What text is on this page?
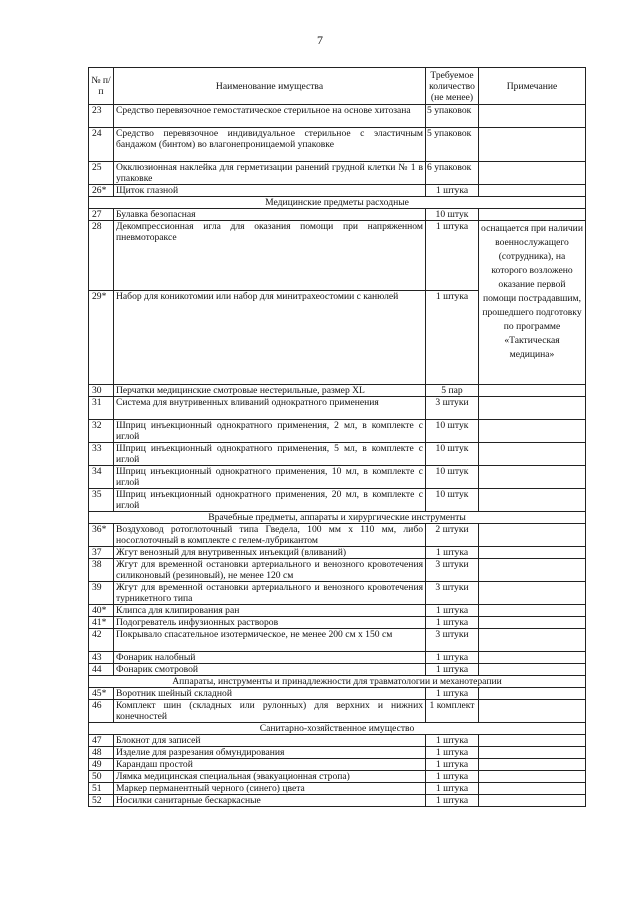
7
№ п/п	Наименование имущества	Требуемое количество (не менее)	Примечание
23	Средство перевязочное гемостатическое стерильное на основе хитозана	5 упаковок	
24	Средство перевязочное индивидуальное стерильное с эластичным бандажом (бинтом) во влагонепроницаемой упаковке	5 упаковок	
25	Окклюзионная наклейка для герметизации ранений грудной клетки № 1 в упаковке	6 упаковок	
26*	Щиток глазной	1 штука	
Медицинские предметы расходные			
27	Булавка безопасная	10 штук	
28	Декомпрессионная игла для оказания помощи при напряженном пневмотораксе	1 штука	оснащается при наличии военнослужащего (сотрудника), на которого возложено оказание первой помощи пострадавшим, прошедшего подготовку по программе «Тактическая медицина»
29*	Набор для коникотомии или набор для минитрахеостомии с канюлей	1 штука	
30	Перчатки медицинские смотровые нестерильные, размер XL	5 пар	
31	Система для внутривенных вливаний однократного применения	3 штуки	
32	Шприц инъекционный однократного применения, 2 мл, в комплекте с иглой	10 штук	
33	Шприц инъекционный однократного применения, 5 мл, в комплекте с иглой	10 штук	
34	Шприц инъекционный однократного применения, 10 мл, в комплекте с иглой	10 штук	
35	Шприц инъекционный однократного применения, 20 мл, в комплекте с иглой	10 штук	
Врачебные предметы, аппараты и хирургические инструменты			
36*	Воздуховод ротоглоточный типа Гведела, 100 мм х 110 мм, либо носоглоточный в комплекте с гелем-лубрикантом	2 штуки	
37	Жгут венозный для внутривенных инъекций (вливаний)	1 штука	
38	Жгут для временной остановки артериального и венозного кровотечения силиконовый (резиновый), не менее 120 см	3 штуки	
39	Жгут для временной остановки артериального и венозного кровотечения турникетного типа	3 штуки	
40*	Клипса для клипирования ран	1 штука	
41*	Подогреватель инфузионных растворов	1 штука	
42	Покрывало спасательное изотермическое, не менее 200 см х 150 см	3 штуки	
43	Фонарик налобный	1 штука	
44	Фонарик смотровой	1 штука	
Аппараты, инструменты и принадлежности для травматологии и механотерапии			
45*	Воротник шейный складной	1 штука	
46	Комплект шин (складных или рулонных) для верхних и нижних конечностей	1 комплект	
Санитарно-хозяйственное имущество			
47	Блокнот для записей	1 штука	
48	Изделие для разрезания обмундирования	1 штука	
49	Карандаш простой	1 штука	
50	Лямка медицинская специальная (эвакуационная стропа)	1 штука	
51	Маркер перманентный черного (синего) цвета	1 штука	
52	Носилки санитарные бескаркасные	1 штука	
